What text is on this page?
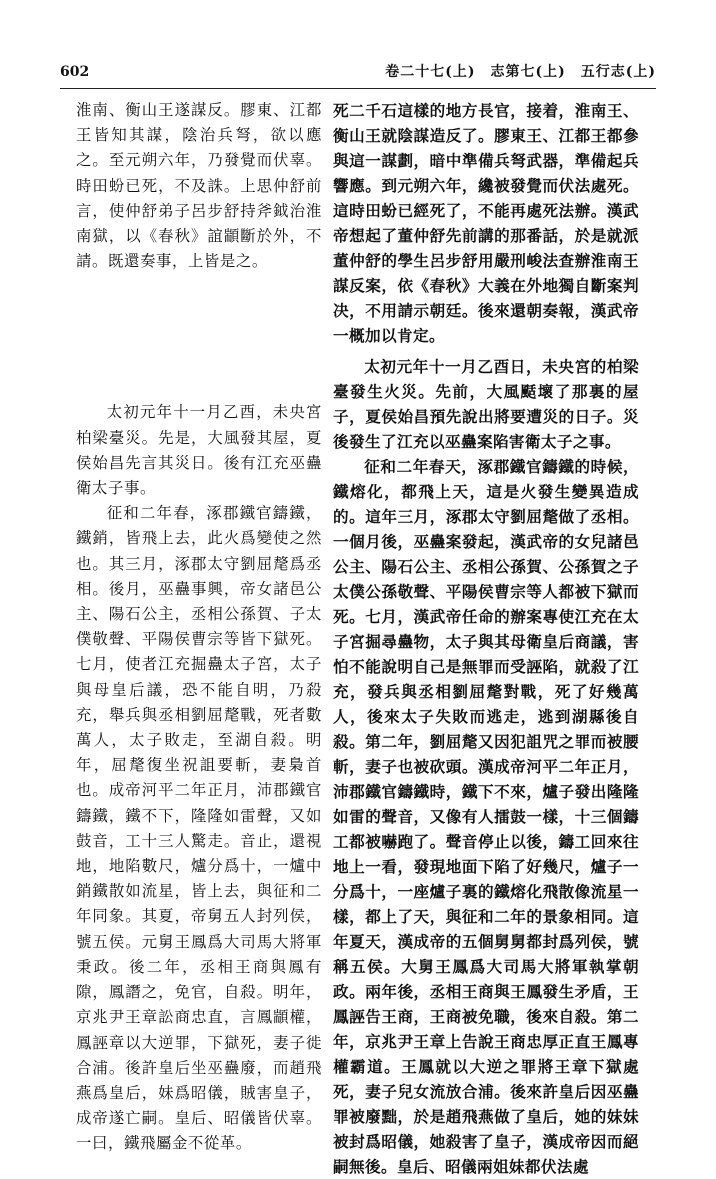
602	卷二十七(上)　志第七(上)　五行志(上)

淮南、衡山王遂謀反。膠東、江都王皆知其謀，陰治兵弩，欲以應之。至元朔六年，乃發覺而伏辜。時田蚡已死，不及誅。上思仲舒前言，使仲舒弟子呂步舒持斧鉞治淮南獄，以《春秋》誼顓斷於外，不請。既還奏事，上皆是之。

太初元年十一月乙酉，未央宮柏梁臺災。先是，大風發其屋，夏侯始昌先言其災日。後有江充巫蠱衛太子事。

征和二年春，涿郡鐵官鑄鐵，鐵銷，皆飛上去，此火爲變使之然也。其三月，涿郡太守劉屈氂爲丞相。後月，巫蠱事興，帝女諸邑公主、陽石公主，丞相公孫賀、子太僕敬聲、平陽侯曹宗等皆下獄死。七月，使者江充掘蠱太子宮，太子與母皇后議，恐不能自明，乃殺充，舉兵與丞相劉屈氂戰，死者數萬人，太子敗走，至湖自殺。明年，屈氂復坐祝詛要斬，妻梟首也。成帝河平二年正月，沛郡鐵官鑄鐵，鐵不下，隆隆如雷聲，又如鼓音，工十三人驚走。音止，還視地，地陷數尺，爐分爲十，一爐中銷鐵散如流星，皆上去，與征和二年同象。其夏，帝舅五人封列侯，號五侯。元舅王鳳爲大司馬大將軍秉政。後二年，丞相王商與鳳有隙，鳳譖之，免官，自殺。明年，京兆尹王章訟商忠直，言鳳顓權，鳳誣章以大逆罪，下獄死，妻子徙合浦。後許皇后坐巫蠱廢，而趙飛燕爲皇后，妹爲昭儀，賊害皇子，成帝遂亡嗣。皇后、昭儀皆伏辜。一曰，鐵飛屬金不從革。

死二千石這樣的地方長官，接着，淮南王、衡山王就陰謀造反了。膠東王、江都王都參與這一謀劃，暗中準備兵弩武器，準備起兵響應。到元朔六年，纔被發覺而伏法處死。這時田蚡已經死了，不能再處死法辦。漢武帝想起了董仲舒先前講的那番話，於是就派董仲舒的學生呂步舒用嚴刑峻法查辦淮南王謀反案，依《春秋》大義在外地獨自斷案判决，不用請示朝廷。後來還朝奏報，漢武帝一概加以肯定。

太初元年十一月乙酉日，未央宮的柏梁臺發生火災。先前，大風颳壞了那裏的屋子，夏侯始昌預先說出將要遭災的日子。災後發生了江充以巫蠱案陷害衛太子之事。

征和二年春天，涿郡鐵官鑄鐵的時候，鐵熔化，都飛上天，這是火發生變異造成的。這年三月，涿郡太守劉屈氂做了丞相。一個月後，巫蠱案發起，漢武帝的女兒諸邑公主、陽石公主、丞相公孫賀、公孫賀之子太僕公孫敬聲、平陽侯曹宗等人都被下獄而死。七月，漢武帝任命的辦案專使江充在太子宮掘尋蠱物，太子與其母衛皇后商議，害怕不能說明自己是無罪而受誣陷，就殺了江充，發兵與丞相劉屈氂對戰，死了好幾萬人，後來太子失敗而逃走，逃到湖縣後自殺。第二年，劉屈氂又因犯詛咒之罪而被腰斬，妻子也被砍頭。漢成帝河平二年正月，沛郡鐵官鑄鐵時，鐵下不來，爐子發出隆隆如雷的聲音，又像有人擂鼓一樣，十三個鑄工都被嚇跑了。聲音停止以後，鑄工回來往地上一看，發現地面下陷了好幾尺，爐子一分爲十，一座爐子裏的鐵熔化飛散像流星一樣，都上了天，與征和二年的景象相同。這年夏天，漢成帝的五個舅舅都封爲列侯，號稱五侯。大舅王鳳爲大司馬大將軍執掌朝政。兩年後，丞相王商與王鳳發生矛盾，王鳳誣告王商，王商被免職，後來自殺。第二年，京兆尹王章上告說王商忠厚正直王鳳專權霸道。王鳳就以大逆之罪將王章下獄處死，妻子兒女流放合浦。後來許皇后因巫蠱罪被廢黜，於是趙飛燕做了皇后，她的妹妹被封爲昭儀，她殺害了皇子，漢成帝因而絕嗣無後。皇后、昭儀兩姐妹都伏法處
